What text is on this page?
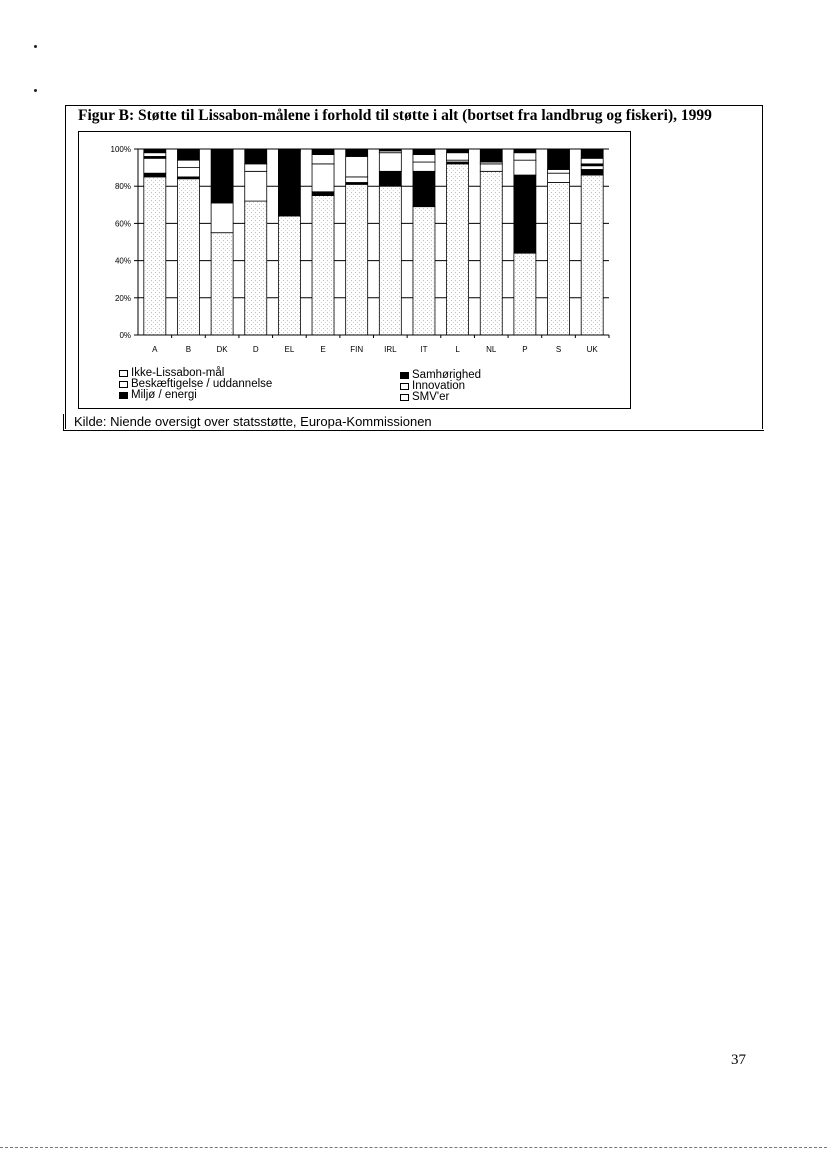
Figur B: Støtte til Lissabon-målene i forhold til støtte i alt (bortset fra landbrug og fiskeri), 1999
0%
20%
40%
60%
80%
100%
A	B	DK	D	EL	E	FIN	IRL	IT	L	NL	P	S	UK
Ikke-Lissabon-mål
Beskæftigelse / uddannelse
Miljø / energi
Samhørighed
Innovation
SMV'er
Kilde: Niende oversigt over statsstøtte, Europa-Kommissionen
37
